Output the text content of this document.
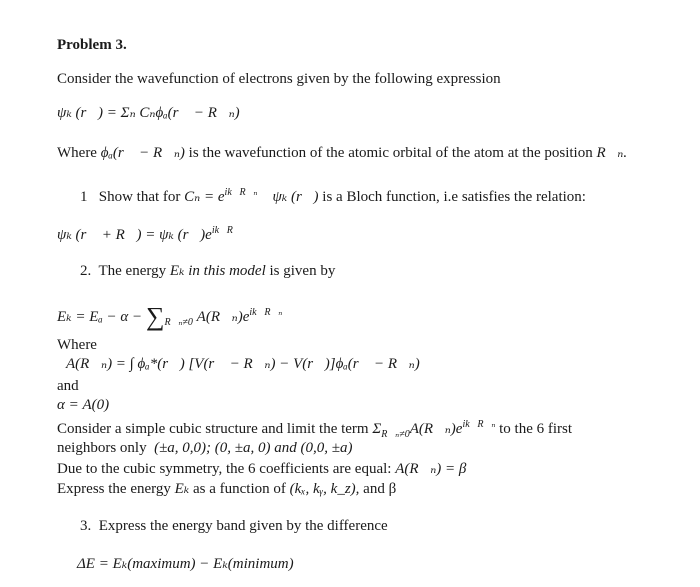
Problem 3.
Consider the wavefunction of electrons given by the following expression
ψₖ (r⃗) = Σₙ Cₙϕₐ(r⃗ − R⃗ₙ)
Where ϕₐ(r⃗ − R⃗ₙ) is the wavefunction of the atomic orbital of the atom at the position R⃗ₙ.
1 Show that for $C_n = e^{ik⃗R⃗_n}$ ψₖ (r⃗) is a Bloch function, i.e satisfies the relation:
ψₖ (r⃗ + R⃗) = ψₖ $(r⃗)e^{ik⃗R⃗}$
2. The energy Eₖ in this model is given by
$E_k = E_a - \alpha - \sum_{R⃗_n\ne 0}$ $A(R⃗_n)e^{ik⃗R⃗_n}$
Where
A(R⃗ₙ) = ∫ ϕₐ*(r⃗) [V(r⃗ − R⃗ₙ) − V(r⃗)]ϕₐ(r⃗ − R⃗ₙ)
and
α = A(0)
Consider a simple cubic structure and limit the term $\Sigma_{R⃗_n\ne 0}A(R⃗_n)e^{ik⃗R⃗_n}$ to the 6 first
neighbors only (±a, 0,0); (0, ±a, 0) and (0,0, ±a)
Due to the cubic symmetry, the 6 coefficients are equal: A(R⃗ₙ) = β
Express the energy Eₖ as a function of (kₓ, kᵧ, k_z), and β
3. Express the energy band given by the difference
ΔE = Eₖ(maximum) − Eₖ(minimum)
